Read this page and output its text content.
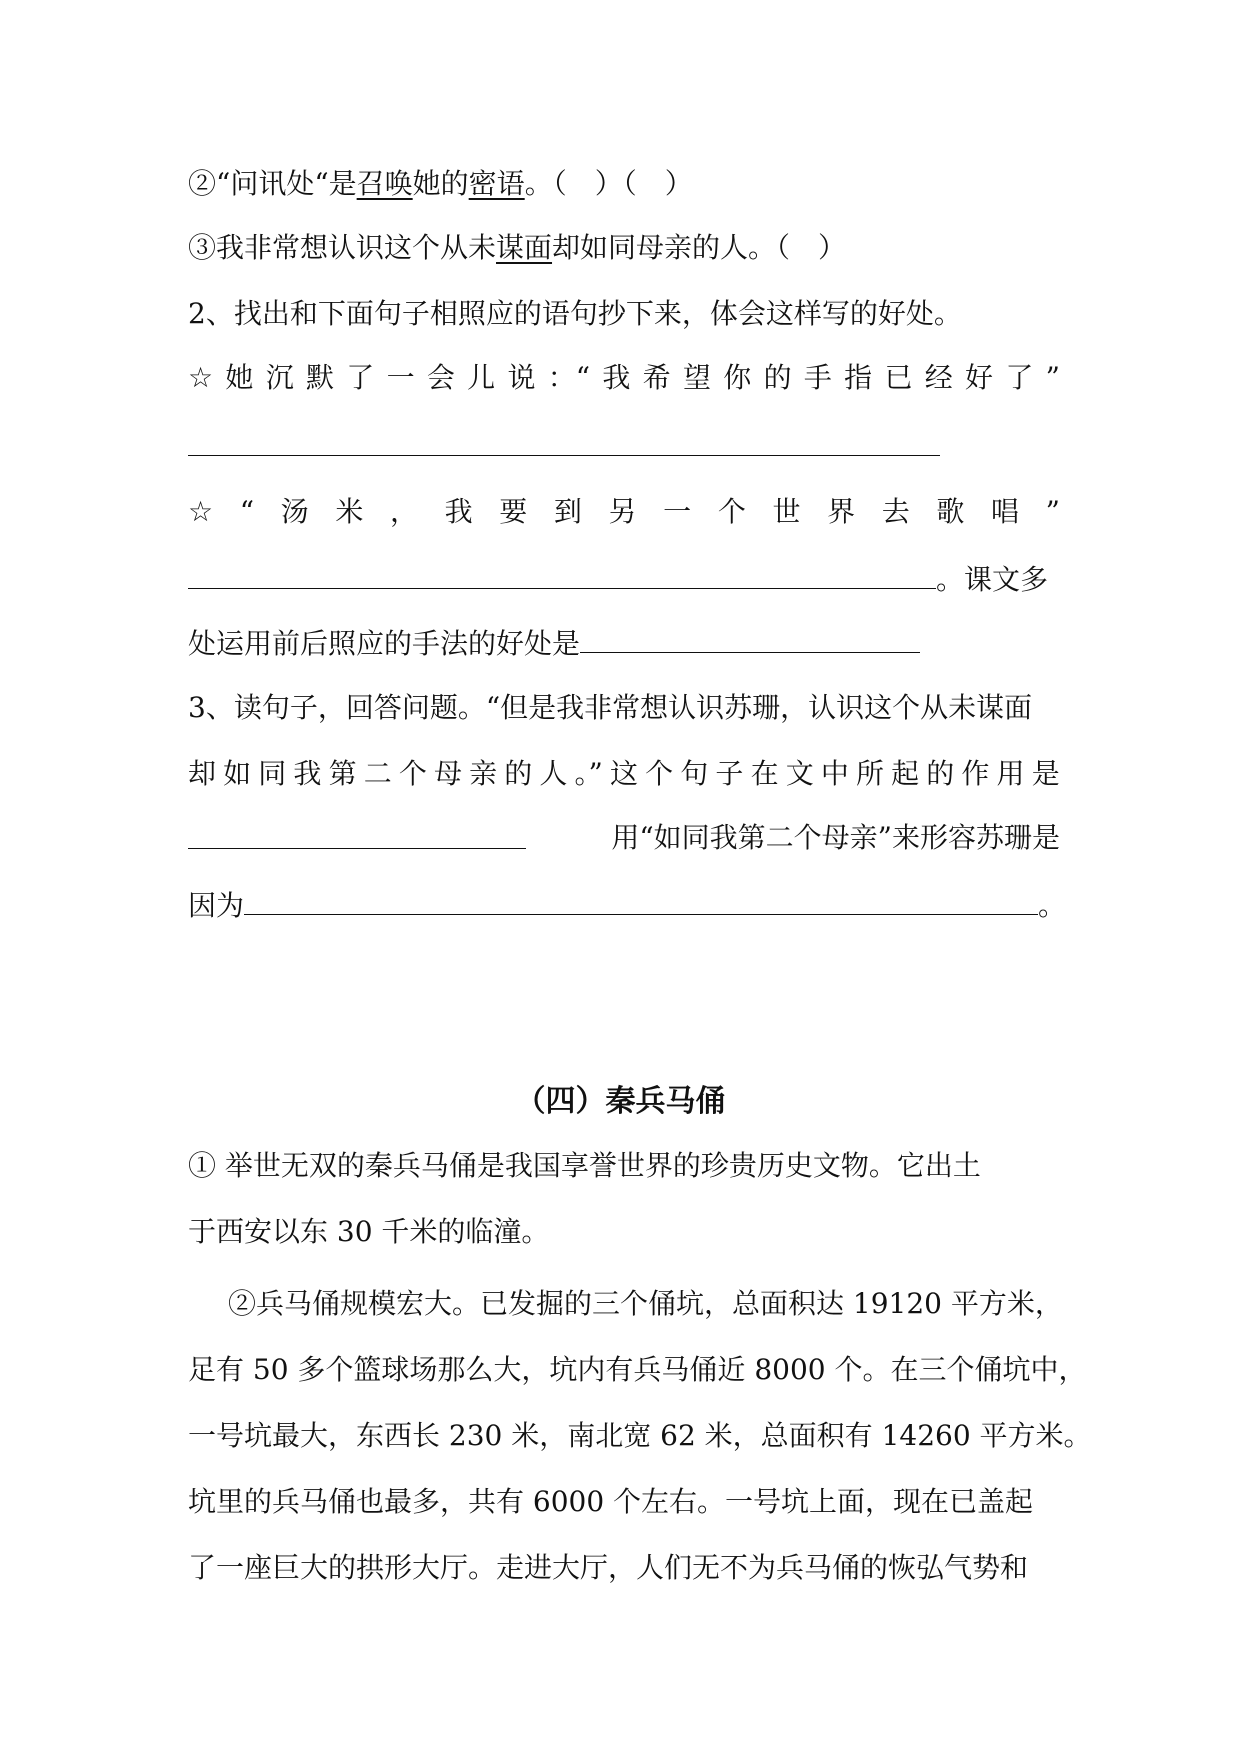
②“问讯处“是召唤她的密语。（　）（　）
③我非常想认识这个从未谋面却如同母亲的人。（　）
2、找出和下面句子相照应的语句抄下来，体会这样写的好处。
☆ 她 沉 默 了 一 会 儿 说 ：“ 我 希 望 你 的 手 指 已 经 好 了 ”
☆ “ 汤 米 ， 我 要 到 另 一 个 世 界 去 歌 唱 ”
。课文多
处运用前后照应的手法的好处是
3、读句子，回答问题。“但是我非常想认识苏珊，认识这个从未谋面
却 如 同 我 第 二 个 母 亲 的 人 。” 这 个 句 子 在 文 中 所 起 的 作 用 是
用“如同我第二个母亲”来形容苏珊是
因为	。
（四）秦兵马俑
① 举世无双的秦兵马俑是我国享誉世界的珍贵历史文物。它出土
于西安以东 30 千米的临潼。
②兵马俑规模宏大。已发掘的三个俑坑，总面积达 19120 平方米，
足有 50 多个篮球场那么大，坑内有兵马俑近 8000 个。在三个俑坑中，
一号坑最大，东西长 230 米，南北宽 62 米，总面积有 14260 平方米。
坑里的兵马俑也最多，共有 6000 个左右。一号坑上面，现在已盖起
了一座巨大的拱形大厅。走进大厅，人们无不为兵马俑的恢弘气势和
